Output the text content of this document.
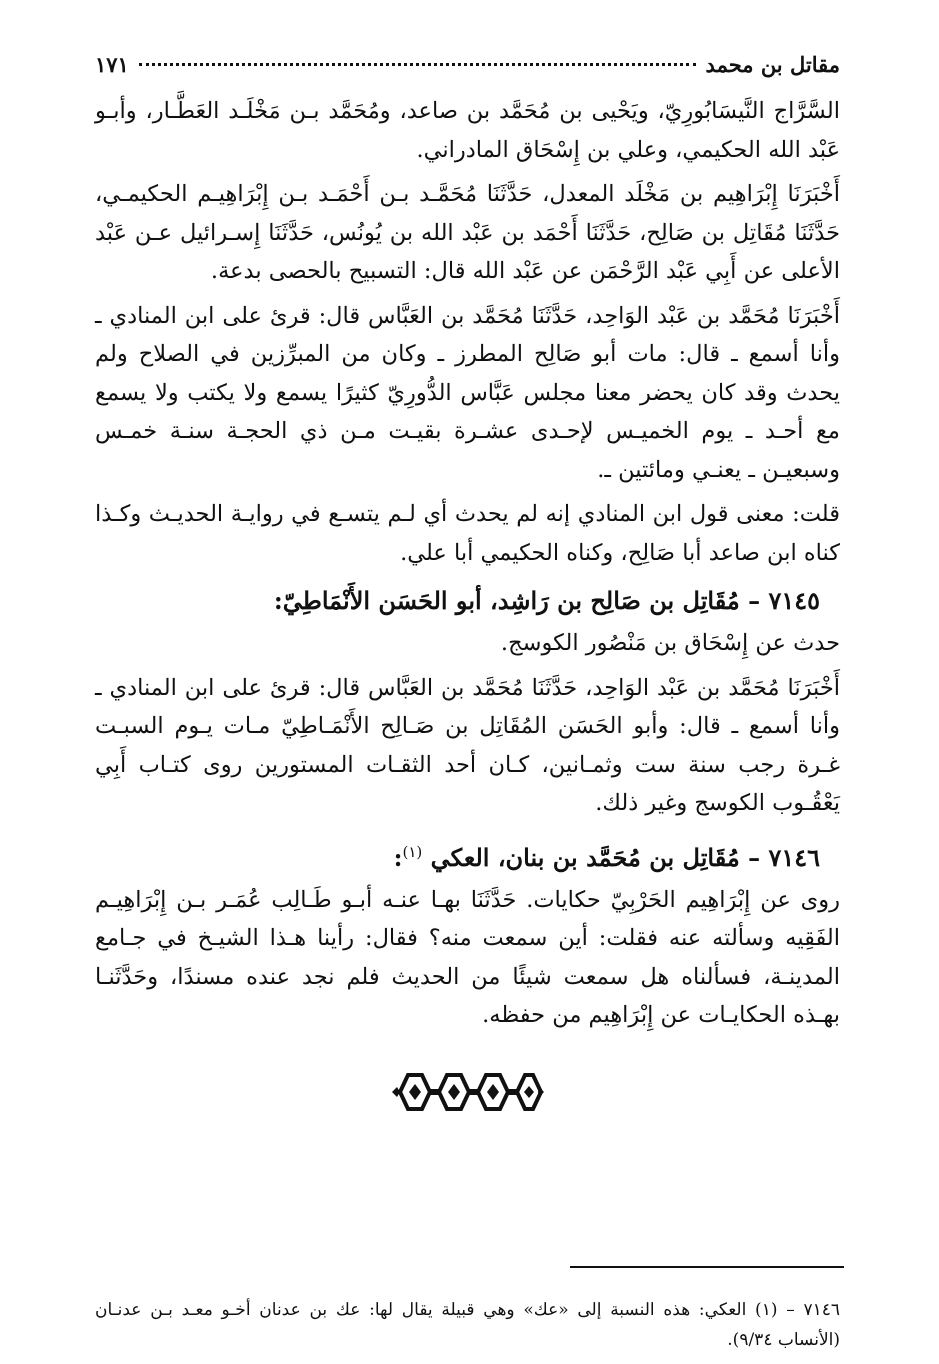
مقاتل بن محمد
١٧١

السَّرَّاج النَّيسَابُورِيّ، ويَحْيى بن مُحَمَّد بن صاعد، ومُحَمَّد بـن مَخْلَـد العَطَّـار، وأبـو عَبْد الله الحكيمي، وعلي بن إِسْحَاق المادراني.

أَخْبَرَنَا إِبْرَاهِيم بن مَخْلَد المعدل، حَدَّثَنَا مُحَمَّـد بـن أَحْمَـد بـن إِبْرَاهِيـم الحكيمـي، حَدَّثَنَا مُقَاتِل بن صَالِح، حَدَّثَنَا أَحْمَد بن عَبْد الله بن يُونُس، حَدَّثَنَا إِسـرائيل عـن عَبْد الأعلى عن أَبِي عَبْد الرَّحْمَن عن عَبْد الله قال: التسبيح بالحصى بدعة.

أَخْبَرَنَا مُحَمَّد بن عَبْد الوَاحِد، حَدَّثَنَا مُحَمَّد بن العَبَّاس قال: قرئ على ابن المنادي ـ وأنا أسمع ـ قال: مات أبو صَالِح المطرز ـ وكان من المبرِّزين في الصلاح ولم يحدث وقد كان يحضر معنا مجلس عَبَّاس الدُّورِيّ كثيرًا يسمع ولا يكتب ولا يسمع مع أحـد ـ يوم الخميـس لإحـدى عشـرة بقيـت مـن ذي الحجـة سنـة خمـس وسبعيـن ـ يعنـي ومائتين ـ.

قلت: معنى قول ابن المنادي إنه لم يحدث أي لـم يتسـع في روايـة الحديـث وكـذا كناه ابن صاعد أبا صَالِح، وكناه الحكيمي أبا علي.

٧١٤٥ – مُقَاتِل بن صَالِح بن رَاشِد، أبو الحَسَن الأَنْمَاطِيّ:

حدث عن إِسْحَاق بن مَنْصُور الكوسج.

أَخْبَرَنَا مُحَمَّد بن عَبْد الوَاحِد، حَدَّثَنَا مُحَمَّد بن العَبَّاس قال: قرئ على ابن المنادي ـ وأنا أسمع ـ قال: وأبو الحَسَن المُقَاتِل بن صَـالِح الأَنْمَـاطِيّ مـات يـوم السبـت غـرة رجب سنة ست وثمـانين، كـان أحد الثقـات المستورين روى كتـاب أَبِي يَعْقُـوب الكوسج وغير ذلك.

٧١٤٦ – مُقَاتِل بن مُحَمَّد بن بنان، العكي $^{(١)}$:

روى عن إِبْرَاهِيم الحَرْبِيّ حكايات. حَدَّثَنَا بهـا عنـه أبـو طَـالِب عُمَـر بـن إِبْرَاهِيـم الفَقِيه وسألته عنه فقلت: أين سمعت منه؟ فقال: رأينا هـذا الشيـخ في جـامع المدينـة، فسألناه هل سمعت شيئًا من الحديث فلم نجد عنده مسندًا، وحَدَّثَنـا بهـذه الحكايـات عن إِبْرَاهِيم من حفظه.

٧١٤٦ – (١) العكي: هذه النسبة إلى «عك» وهي قبيلة يقال لها: عك بن عدنان أخـو معـد بـن عدنـان (الأنساب ٩/٣٤).
